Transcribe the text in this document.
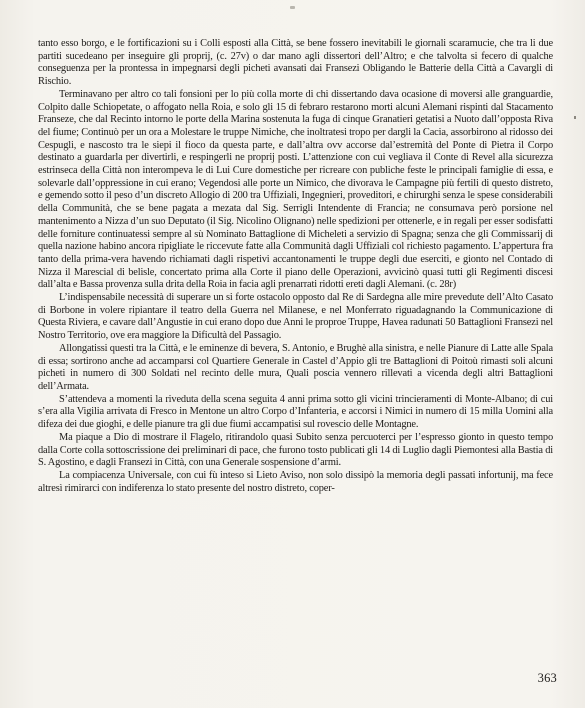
tanto esso borgo, e le fortificazioni su i Colli esposti alla Città, se bene fossero inevitabili le giornali scaramucie, che tra li due partiti sucedeano per inseguire gli proprij, (c. 27v) o dar mano agli dissertori dell’Altro; e che talvolta si fecero di qualche conseguenza per la prontessa in impegnarsi degli picheti avansati dai Fransezi Obligando le Batterie della Città a Cavargli di Rischio.

Terminavano per altro co tali fonsioni per lo più colla morte di chi dissertando dava ocasione di moversi alle granguardie, Colpito dalle Schiopetate, o affogato nella Roia, e solo gli 15 di febraro restarono morti alcuni Alemani rispinti dal Stacamento Franseze, che dal Recinto intorno le porte della Marina sostenuta la fuga di cinque Granatieri getatisi a Nuoto dall’opposta Riva del fiume; Continuò per un ora a Molestare le truppe Nimiche, che inoltratesi tropo per dargli la Cacia, assorbirono al ridosso dei Cespugli, e nascosto tra le siepi il fioco da questa parte, e dall’altra ovv accorse dal’estremità del Ponte di Pietra il Corpo destinato a guardarla per divertirli, e respingerli ne proprij posti. L’attenzione con cui vegliava il Conte di Revel alla sicurezza estrinseca della Città non interompeva le di Lui Cure domestiche per ricreare con publiche feste le principali famiglie di essa, e solevarle dall’oppressione in cui erano; Vegendosi alle porte un Nimico, che divorava le Campagne più fertili di questo distreto, e gemendo sotto il peso d’un discreto Allogio di 200 tra Uffiziali, Ingegnieri, proveditori, e chirurghi senza le spese considerabili della Communità, che se bene pagata a mezata dal Sig. Serrigli Intendente di Francia; ne consumava però porsione nel mantenimento a Nizza d’un suo Deputato (il Sig. Nicolino Olignano) nelle spedizioni per ottenerle, e in regali per esser sodisfatti delle forniture continuatessi sempre al sù Nominato Battaglione di Micheleti a servizio di Spagna; senza che gli Commissarij di quella nazione habino ancora ripigliate le riccevute fatte alla Communità dagli Uffiziali col richiesto pagamento. L’appertura fra tanto della prima-vera havendo richiamati dagli rispetivi accantonamenti le truppe degli due eserciti, e gionto nel Contado di Nizza il Marescial di belisle, concertato prima alla Corte il piano delle Operazioni, avvicinò quasi tutti gli Regimenti discesi dall’alta e Bassa provenza sulla drita della Roia in facia agli prenarrati ridotti ereti dagli Alemani. (c. 28r)

L’indispensabile necessità di superare un si forte ostacolo opposto dal Re di Sardegna alle mire prevedute dell’Alto Casato di Borbone in volere ripiantare il teatro della Guerra nel Milanese, e nel Monferrato riguadagnando la Communicazione di Questa Riviera, e cavare dall’Angustie in cui erano dopo due Anni le proproe Truppe, Havea radunati 50 Battaglioni Fransezi nel Nostro Territorio, ove era maggiore la Dificultà del Passagio.

Allongatissi questi tra la Città, e le eminenze di bevera, S. Antonio, e Brughè alla sinistra, e nelle Pianure di Latte alle Spala di essa; sortirono anche ad accamparsi col Quartiere Generale in Castel d’Appio gli tre Battaglioni di Poitoù rimasti soli alcuni picheti in numero di 300 Soldati nel recinto delle mura, Quali poscia vennero rillevati a vicenda degli altri Battaglioni dell’Armata.

S’attendeva a momenti la riveduta della scena seguita 4 anni prima sotto gli vicini trincieramenti di Monte-Albano; di cui s’era alla Vigilia arrivata di Fresco in Mentone un altro Corpo d’Infanteria, e accorsi i Nimici in numero di 15 milla Uomini alla difeza dei due gioghi, e delle pianure tra gli due fiumi accampatisi sul rovescio delle Montagne.

Ma piaque a Dio di mostrare il Flagelo, ritirandolo quasi Subito senza percuoterci per l’espresso gionto in questo tempo dalla Corte colla sottoscrissione dei preliminari di pace, che furono tosto publicati gli 14 di Luglio dagli Piemontesi alla Bastia di S. Agostino, e dagli Fransezi in Città, con una Generale sospensione d’armi.

La compiacenza Universale, con cui fù inteso si Lieto Aviso, non solo dissipò la memoria degli passati infortunij, ma fece altresì rimirarci con indiferenza lo stato presente del nostro distreto, coper-

363
